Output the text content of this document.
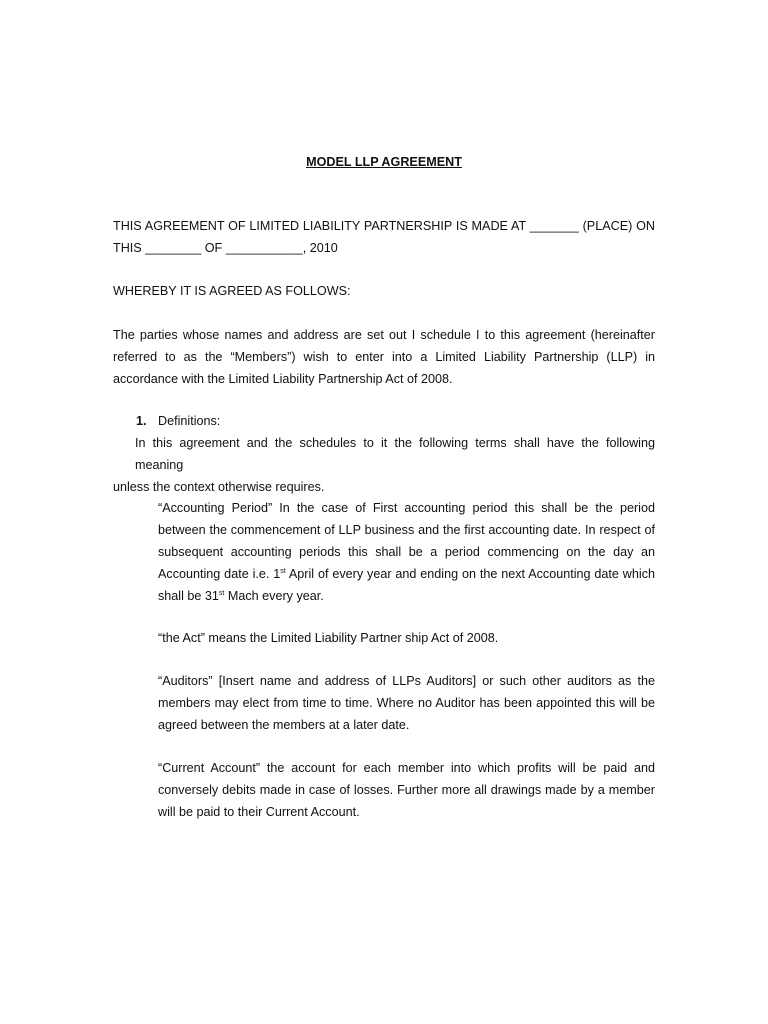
MODEL LLP AGREEMENT
THIS AGREEMENT OF LIMITED LIABILITY PARTNERSHIP IS MADE AT _______ (PLACE) ON
THIS ________ OF ___________, 2010
WHEREBY IT IS AGREED AS FOLLOWS:
The parties whose names and address are set out I schedule I to this agreement (hereinafter
referred to as the “Members”) wish to enter into a Limited Liability Partnership (LLP) in
accordance with the Limited Liability Partnership Act of 2008.
1. Definitions:
In this agreement and the schedules to it the following terms shall have the following meaning
unless the context otherwise requires.
“Accounting Period” In the case of First accounting period this shall be the period
between the commencement of LLP business and the first accounting date. In respect of
subsequent accounting periods this shall be a period commencing on the day an
Accounting date i.e. 1st April of every year and ending on the next Accounting date which
shall be 31st Mach every year.
“the Act” means the Limited Liability Partner ship Act of 2008.
“Auditors” [Insert name and address of LLPs Auditors] or such other auditors as the
members may elect from time to time. Where no Auditor has been appointed this will be
agreed between the members at a later date.
“Current Account” the account for each member into which profits will be paid and
conversely debits made in case of losses. Further more all drawings made by a member
will be paid to their Current Account.
